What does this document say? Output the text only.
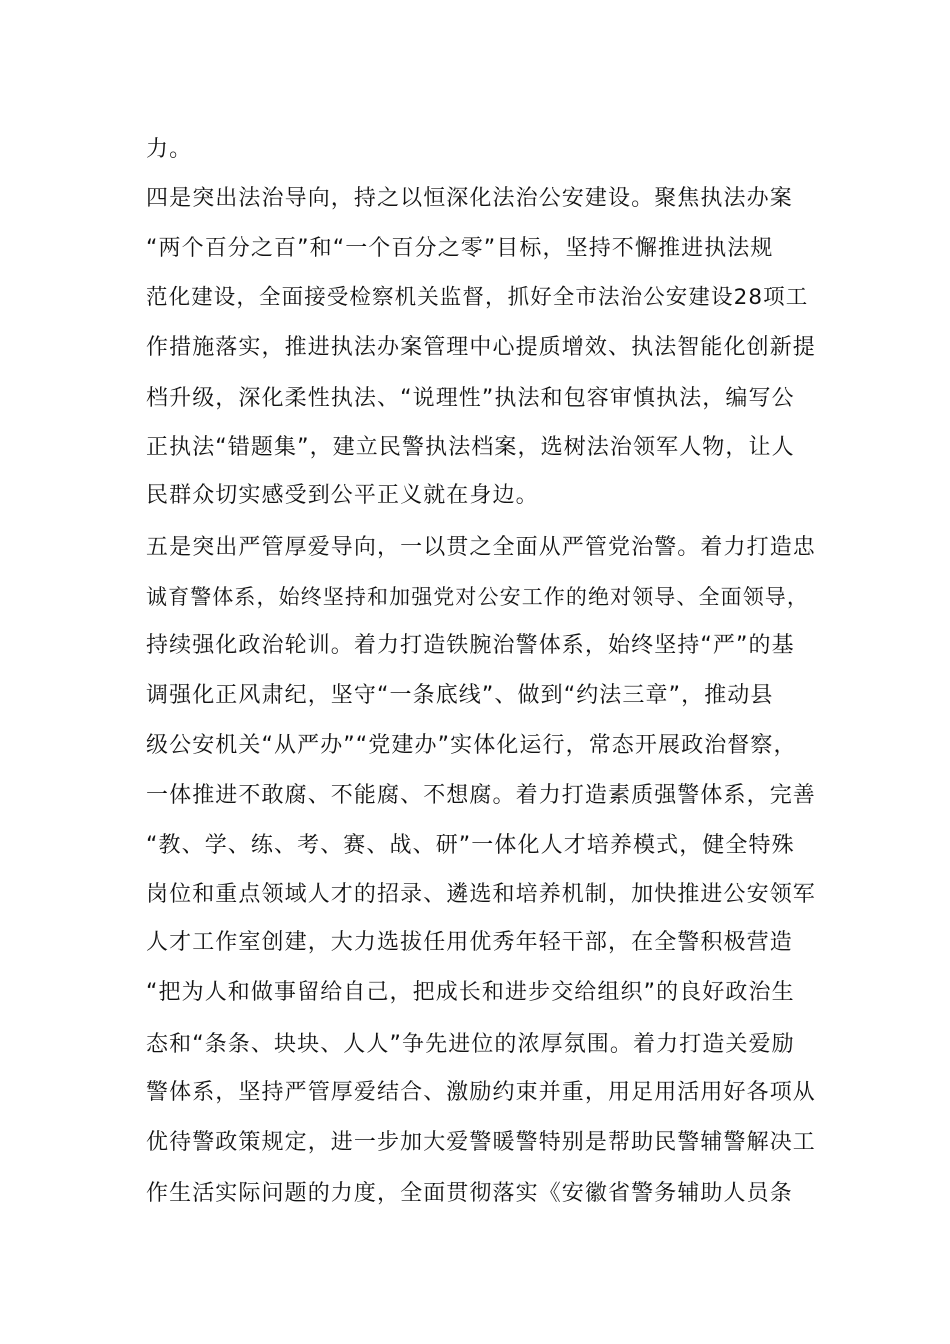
力。
四是突出法治导向，持之以恒深化法治公安建设。聚焦执法办案
“两个百分之百”和“一个百分之零”目标，坚持不懈推进执法规
范化建设，全面接受检察机关监督，抓好全市法治公安建设28项工
作措施落实，推进执法办案管理中心提质增效、执法智能化创新提
档升级，深化柔性执法、“说理性”执法和包容审慎执法，编写公
正执法“错题集”，建立民警执法档案，选树法治领军人物，让人
民群众切实感受到公平正义就在身边。
五是突出严管厚爱导向，一以贯之全面从严管党治警。着力打造忠
诚育警体系，始终坚持和加强党对公安工作的绝对领导、全面领导，
持续强化政治轮训。着力打造铁腕治警体系，始终坚持“严”的基
调强化正风肃纪，坚守“一条底线”、做到“约法三章”，推动县
级公安机关“从严办”“党建办”实体化运行，常态开展政治督察，
一体推进不敢腐、不能腐、不想腐。着力打造素质强警体系，完善
“教、学、练、考、赛、战、研”一体化人才培养模式，健全特殊
岗位和重点领域人才的招录、遴选和培养机制，加快推进公安领军
人才工作室创建，大力选拔任用优秀年轻干部，在全警积极营造
“把为人和做事留给自己，把成长和进步交给组织”的良好政治生
态和“条条、块块、人人”争先进位的浓厚氛围。着力打造关爱励
警体系，坚持严管厚爱结合、激励约束并重，用足用活用好各项从
优待警政策规定，进一步加大爱警暖警特别是帮助民警辅警解决工
作生活实际问题的力度，全面贯彻落实《安徽省警务辅助人员条
